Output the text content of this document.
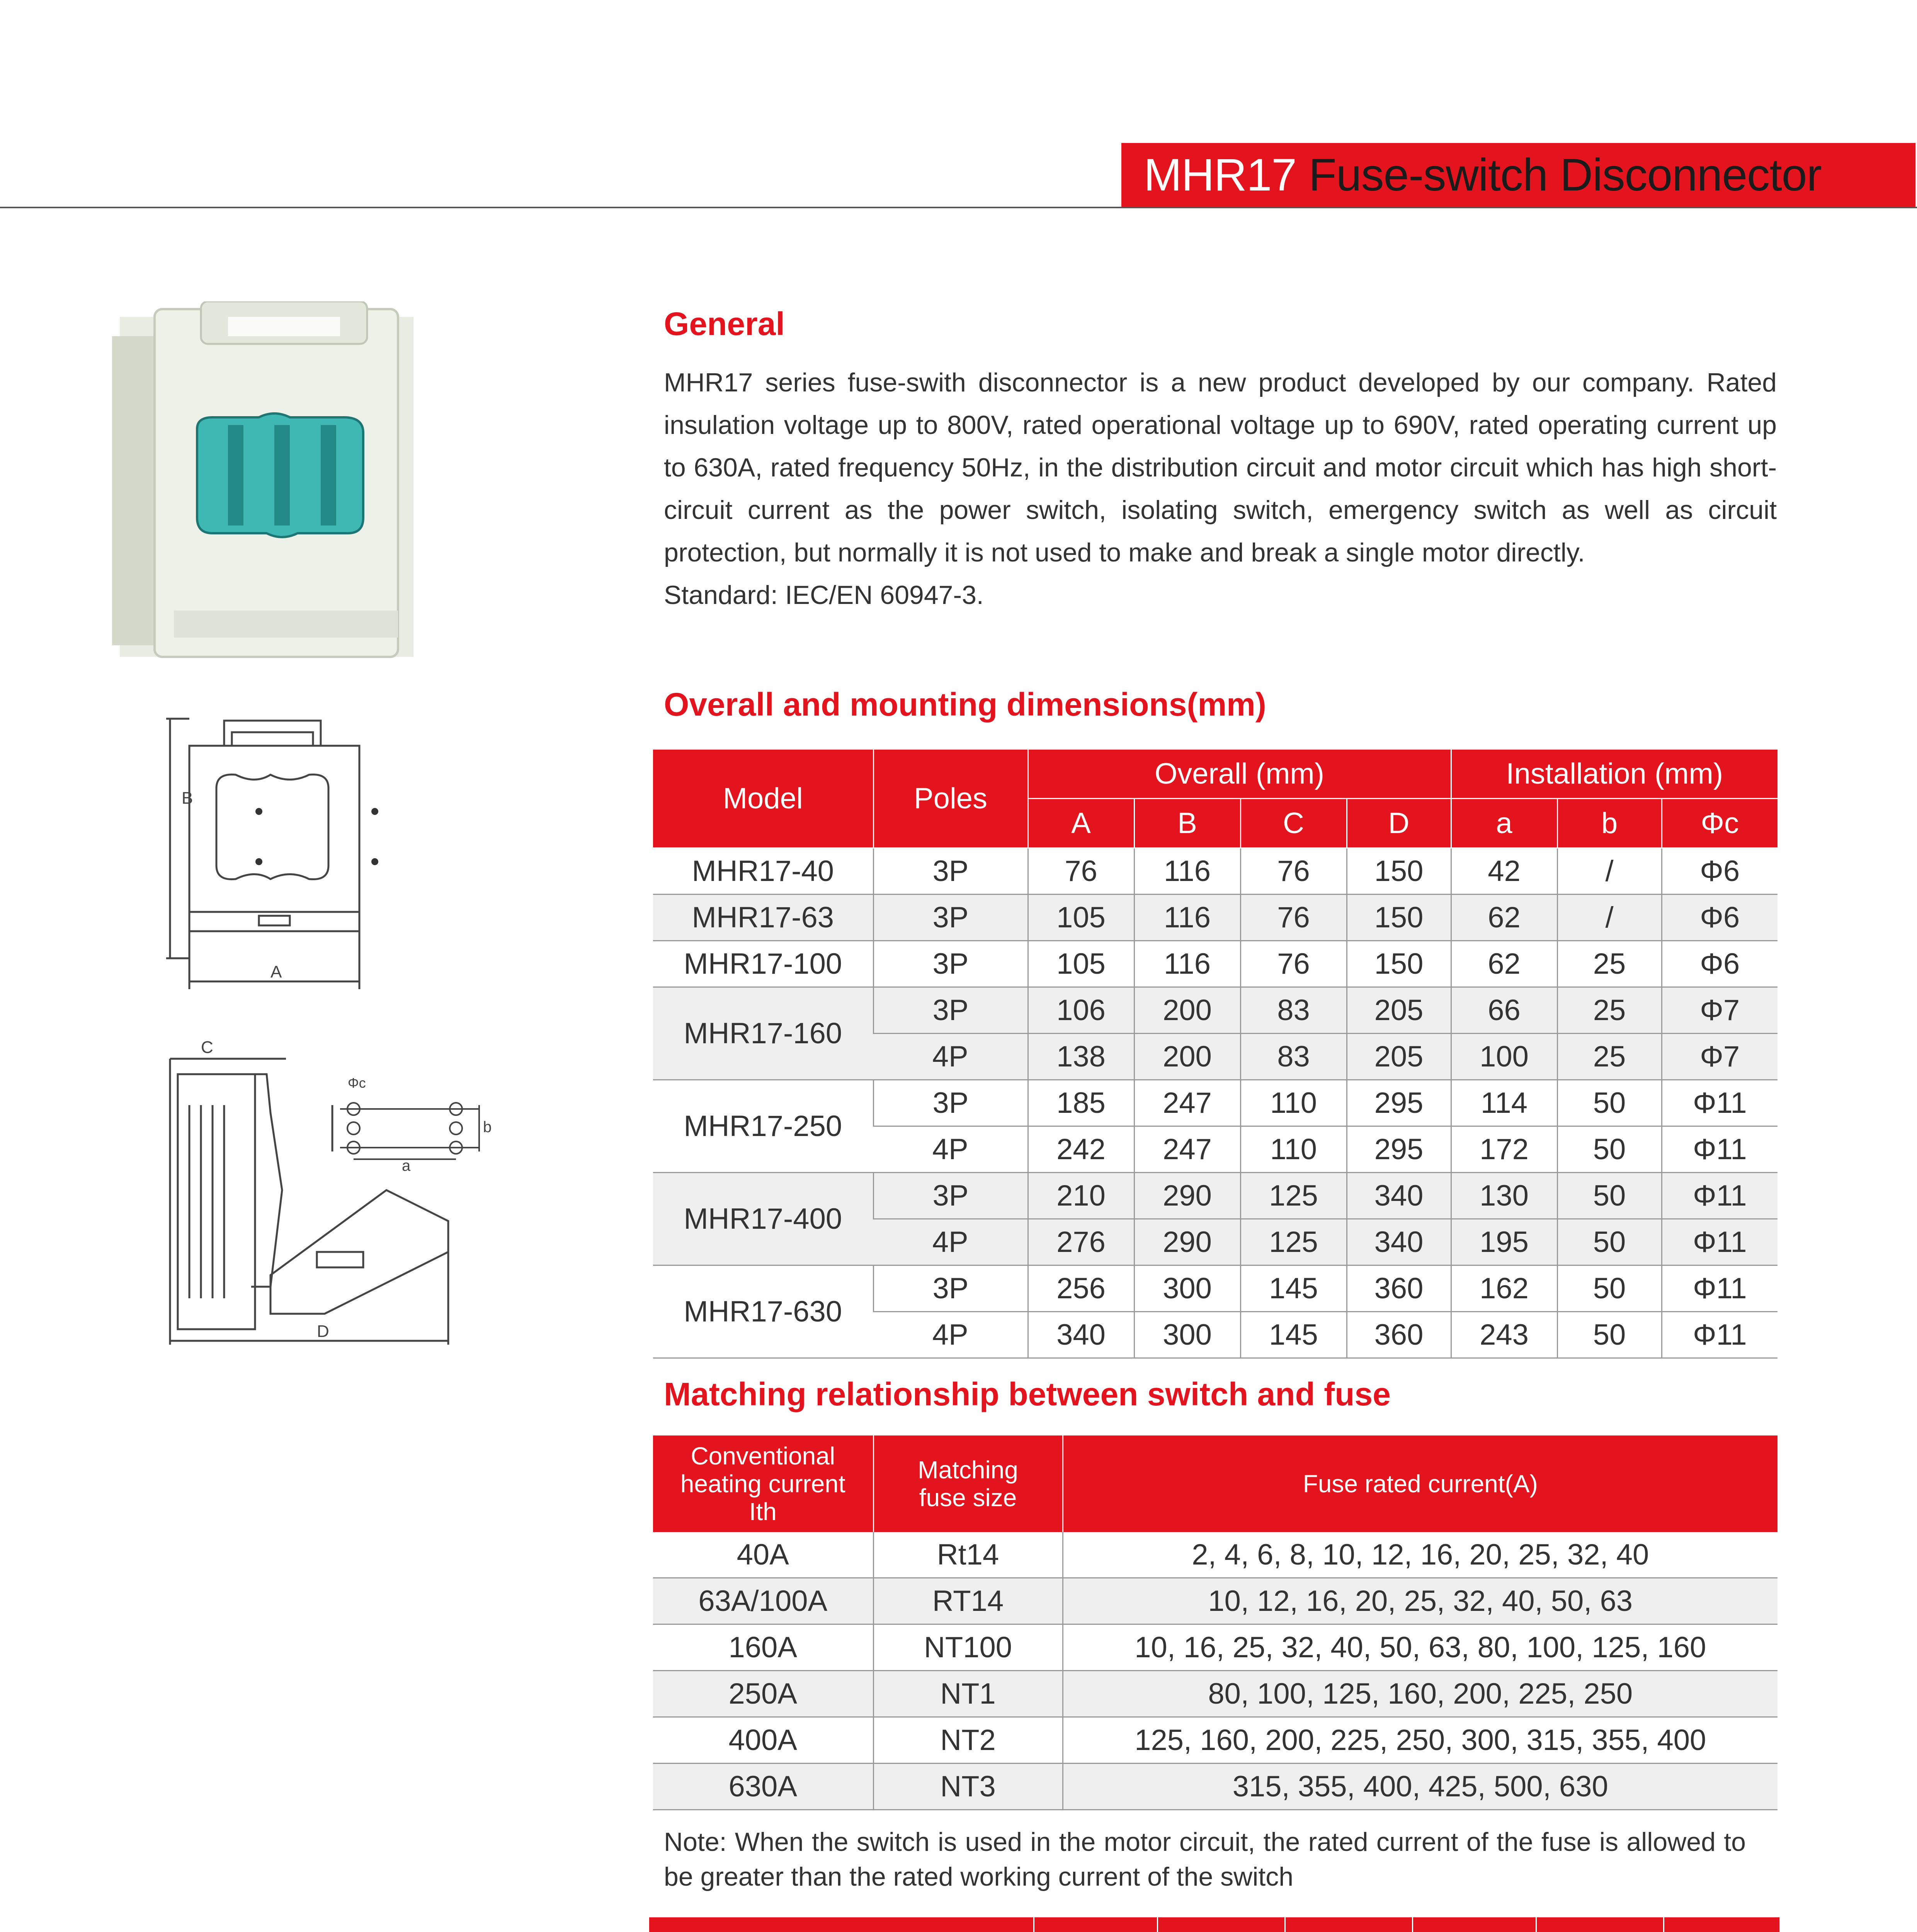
MHR17 Fuse-switch Disconnector
B
A
C
Φc
a
b
D
General

MHR17 series fuse-swith disconnector is a new product developed by our company. Rated insulation voltage up to 800V, rated operational voltage up to 690V, rated operating current up to 630A, rated frequency 50Hz, in the distribution circuit and motor circuit which has high short-circuit current as the power switch, isolating switch, emergency switch as well as circuit protection, but normally it is not used to make and break a single motor directly.

Standard: IEC/EN 60947-3.

Overall and mounting dimensions(mm)
Model	Poles	Overall (mm)				Installation (mm)		
		A	B	C	D	a	b	Φc
MHR17-40	3P	76	116	76	150	42	/	Φ6
MHR17-63	3P	105	116	76	150	62	/	Φ6
MHR17-100	3P	105	116	76	150	62	25	Φ6
MHR17-160	3P	106	200	83	205	66	25	Φ7
	4P	138	200	83	205	100	25	Φ7
MHR17-250	3P	185	247	110	295	114	50	Φ11
	4P	242	247	110	295	172	50	Φ11
MHR17-400	3P	210	290	125	340	130	50	Φ11
	4P	276	290	125	340	195	50	Φ11
MHR17-630	3P	256	300	145	360	162	50	Φ11
	4P	340	300	145	360	243	50	Φ11
Matching relationship between switch and fuse
Conventional heating current Ith	Matching fuse size	Fuse rated current(A)
40A	Rt14	2, 4, 6, 8, 10, 12, 16, 20, 25, 32, 40
63A/100A	RT14	10, 12, 16, 20, 25, 32, 40, 50, 63
160A	NT100	10, 16, 25, 32, 40, 50, 63, 80, 100, 125, 160
250A	NT1	80, 100, 125, 160, 200, 225, 250
400A	NT2	125, 160, 200, 225, 250, 300, 315, 355, 400
630A	NT3	315, 355, 400, 425, 500, 630
Note: When the switch is used in the motor circuit, the rated current of the fuse is allowed to be greater than the rated working current of the switch
